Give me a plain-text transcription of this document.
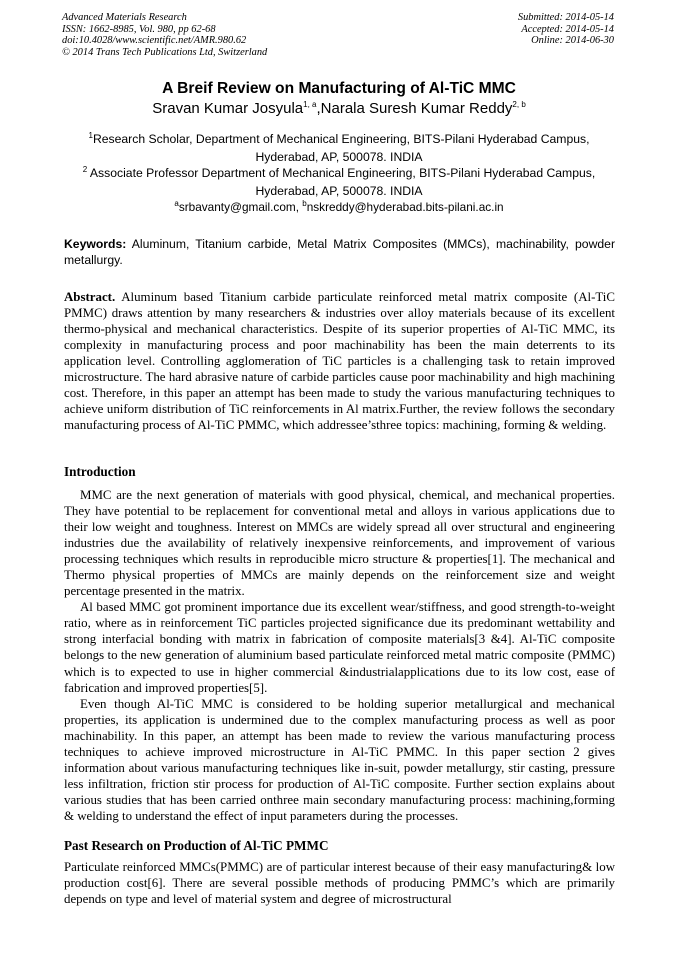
Advanced Materials Research
ISSN: 1662-8985, Vol. 980, pp 62-68
doi:10.4028/www.scientific.net/AMR.980.62
© 2014 Trans Tech Publications Ltd, Switzerland
Submitted: 2014-05-14
Accepted: 2014-05-14
Online: 2014-06-30
A Breif Review on Manufacturing of Al-TiC MMC
Sravan Kumar Josyula$^{1, a}$,Narala Suresh Kumar Reddy$^{2, b}$
$^1$Research Scholar, Department of Mechanical Engineering, BITS-Pilani Hyderabad Campus,
Hyderabad, AP, 500078. INDIA
$^2$ Associate Professor Department of Mechanical Engineering, BITS-Pilani Hyderabad Campus,
Hyderabad, AP, 500078. INDIA
$^a$srbavanty@gmail.com, $^b$nskreddy@hyderabad.bits-pilani.ac.in
Keywords: Aluminum, Titanium carbide, Metal Matrix Composites (MMCs), machinability, powder metallurgy.
Abstract. Aluminum based Titanium carbide particulate reinforced metal matrix composite (Al-TiC PMMC) draws attention by many researchers & industries over alloy materials because of its excellent thermo-physical and mechanical characteristics. Despite of its superior properties of Al-TiC MMC, its complexity in manufacturing process and poor machinability has been the main deterrents to its application level. Controlling agglomeration of TiC particles is a challenging task to retain improved microstructure. The hard abrasive nature of carbide particles cause poor machinability and high machining cost. Therefore, in this paper an attempt has been made to study the various manufacturing techniques to achieve uniform distribution of TiC reinforcements in Al matrix.Further, the review follows the secondary manufacturing process of Al-TiC PMMC, which addressee’sthree topics: machining, forming & welding.
Introduction

MMC are the next generation of materials with good physical, chemical, and mechanical properties. They have potential to be replacement for conventional metal and alloys in various applications due to their low weight and toughness. Interest on MMCs are widely spread all over structural and engineering industries due the availability of relatively inexpensive reinforcements, and improvement of various processing techniques which results in reproducible micro structure & properties[1]. The mechanical and Thermo physical properties of MMCs are mainly depends on the reinforcement size and weight percentage presented in the matrix.

Al based MMC got prominent importance due its excellent wear/stiffness, and good strength-to-weight ratio, where as in reinforcement TiC particles projected significance due its predominant wettability and strong interfacial bonding with matrix in fabrication of composite materials[3 &4]. Al-TiC composite belongs to the new generation of aluminium based particulate reinforced metal matric composite (PMMC) which is to expected to use in higher commercial &industrialapplications due to its low cost, ease of fabrication and improved properties[5].

Even though Al-TiC MMC is considered to be holding superior metallurgical and mechanical properties, its application is undermined due to the complex manufacturing process as well as poor machinability. In this paper, an attempt has been made to review the various manufacturing process techniques to achieve improved microstructure in Al-TiC PMMC. In this paper section 2 gives information about various manufacturing techniques like in-suit, powder metallurgy, stir casting, pressure less infiltration, friction stir process for production of Al-TiC composite. Further section explains about various studies that has been carried onthree main secondary manufacturing process: machining,forming & welding to understand the effect of input parameters during the processes.

Past Research on Production of Al-TiC PMMC

Particulate reinforced MMCs(PMMC) are of particular interest because of their easy manufacturing& low production cost[6]. There are several possible methods of producing PMMC’s which are primarily depends on type and level of material system and degree of microstructural
